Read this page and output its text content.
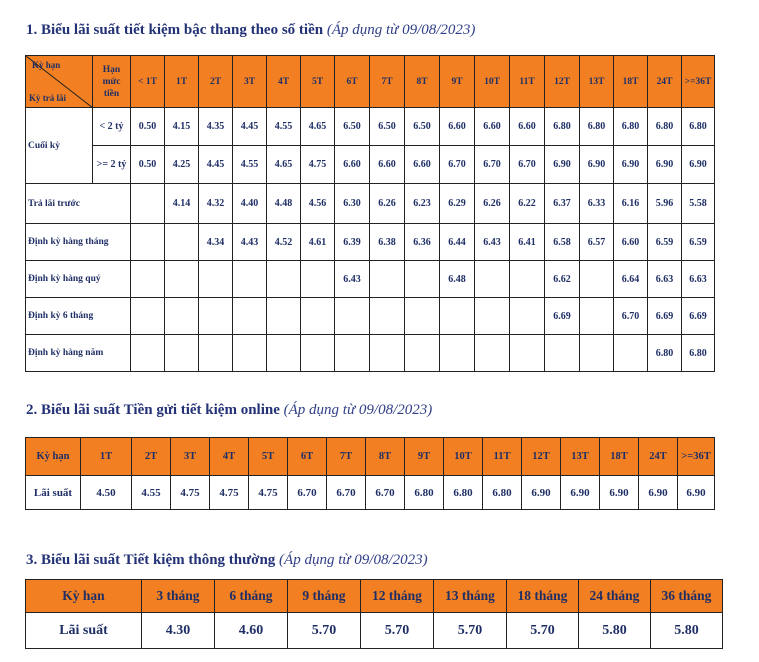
1. Biểu lãi suất tiết kiệm bậc thang theo số tiền (Áp dụng từ 09/08/2023)
Kỳ hạn
Kỳ trả lãi	Hạn mức tiền	< 1T	1T	2T	3T	4T	5T	6T	7T	8T	9T	10T	11T	12T	13T	18T	24T	>=36T
Cuối kỳ	< 2 tỷ	0.50	4.15	4.35	4.45	4.55	4.65	6.50	6.50	6.50	6.60	6.60	6.60	6.80	6.80	6.80	6.80	6.80
	>= 2 tỷ	0.50	4.25	4.45	4.55	4.65	4.75	6.60	6.60	6.60	6.70	6.70	6.70	6.90	6.90	6.90	6.90	6.90
Trả lãi trước			4.14	4.32	4.40	4.48	4.56	6.30	6.26	6.23	6.29	6.26	6.22	6.37	6.33	6.16	5.96	5.58
Định kỳ hàng tháng				4.34	4.43	4.52	4.61	6.39	6.38	6.36	6.44	6.43	6.41	6.58	6.57	6.60	6.59	6.59
Định kỳ hàng quý								6.43			6.48			6.62		6.64	6.63	6.63
Định kỳ 6 tháng														6.69		6.70	6.69	6.69
Định kỳ hàng năm																	6.80	6.80
2. Biểu lãi suất Tiền gửi tiết kiệm online (Áp dụng từ 09/08/2023)
Kỳ hạn	1T	2T	3T	4T	5T	6T	7T	8T	9T	10T	11T	12T	13T	18T	24T	>=36T
Lãi suất	4.50	4.55	4.75	4.75	4.75	6.70	6.70	6.70	6.80	6.80	6.80	6.90	6.90	6.90	6.90	6.90
3. Biểu lãi suất Tiết kiệm thông thường (Áp dụng từ 09/08/2023)
Kỳ hạn	3 tháng	6 tháng	9 tháng	12 tháng	13 tháng	18 tháng	24 tháng	36 tháng
Lãi suất	4.30	4.60	5.70	5.70	5.70	5.70	5.80	5.80
